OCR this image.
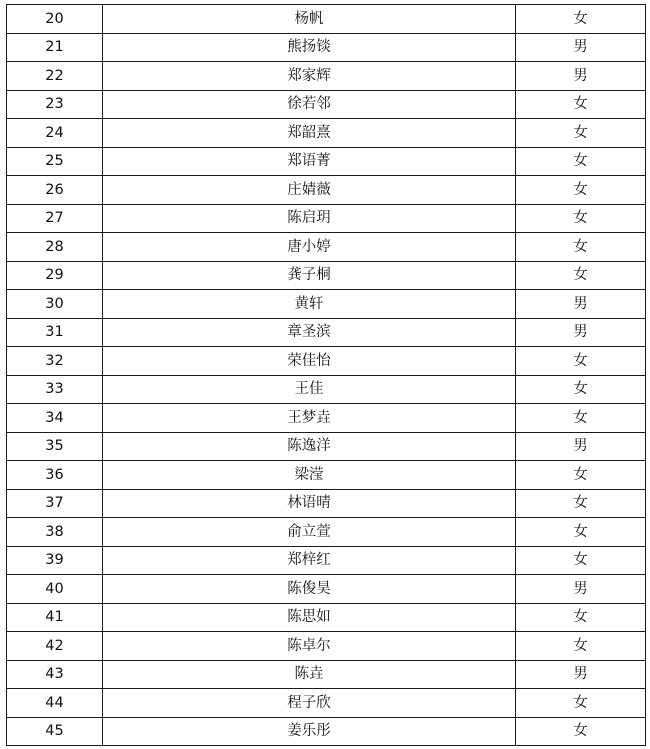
20	杨帆	女
21	熊扬锬	男
22	郑家辉	男
23	徐若邻	女
24	郑韶熹	女
25	郑语菁	女
26	庄婧薇	女
27	陈启玥	女
28	唐小婷	女
29	龚子桐	女
30	黄轩	男
31	章圣滨	男
32	荣佳怡	女
33	王佳	女
34	王梦垚	女
35	陈逸洋	男
36	梁滢	女
37	林语晴	女
38	俞立萱	女
39	郑梓红	女
40	陈俊昊	男
41	陈思如	女
42	陈卓尔	女
43	陈垚	男
44	程子欣	女
45	姜乐彤	女
